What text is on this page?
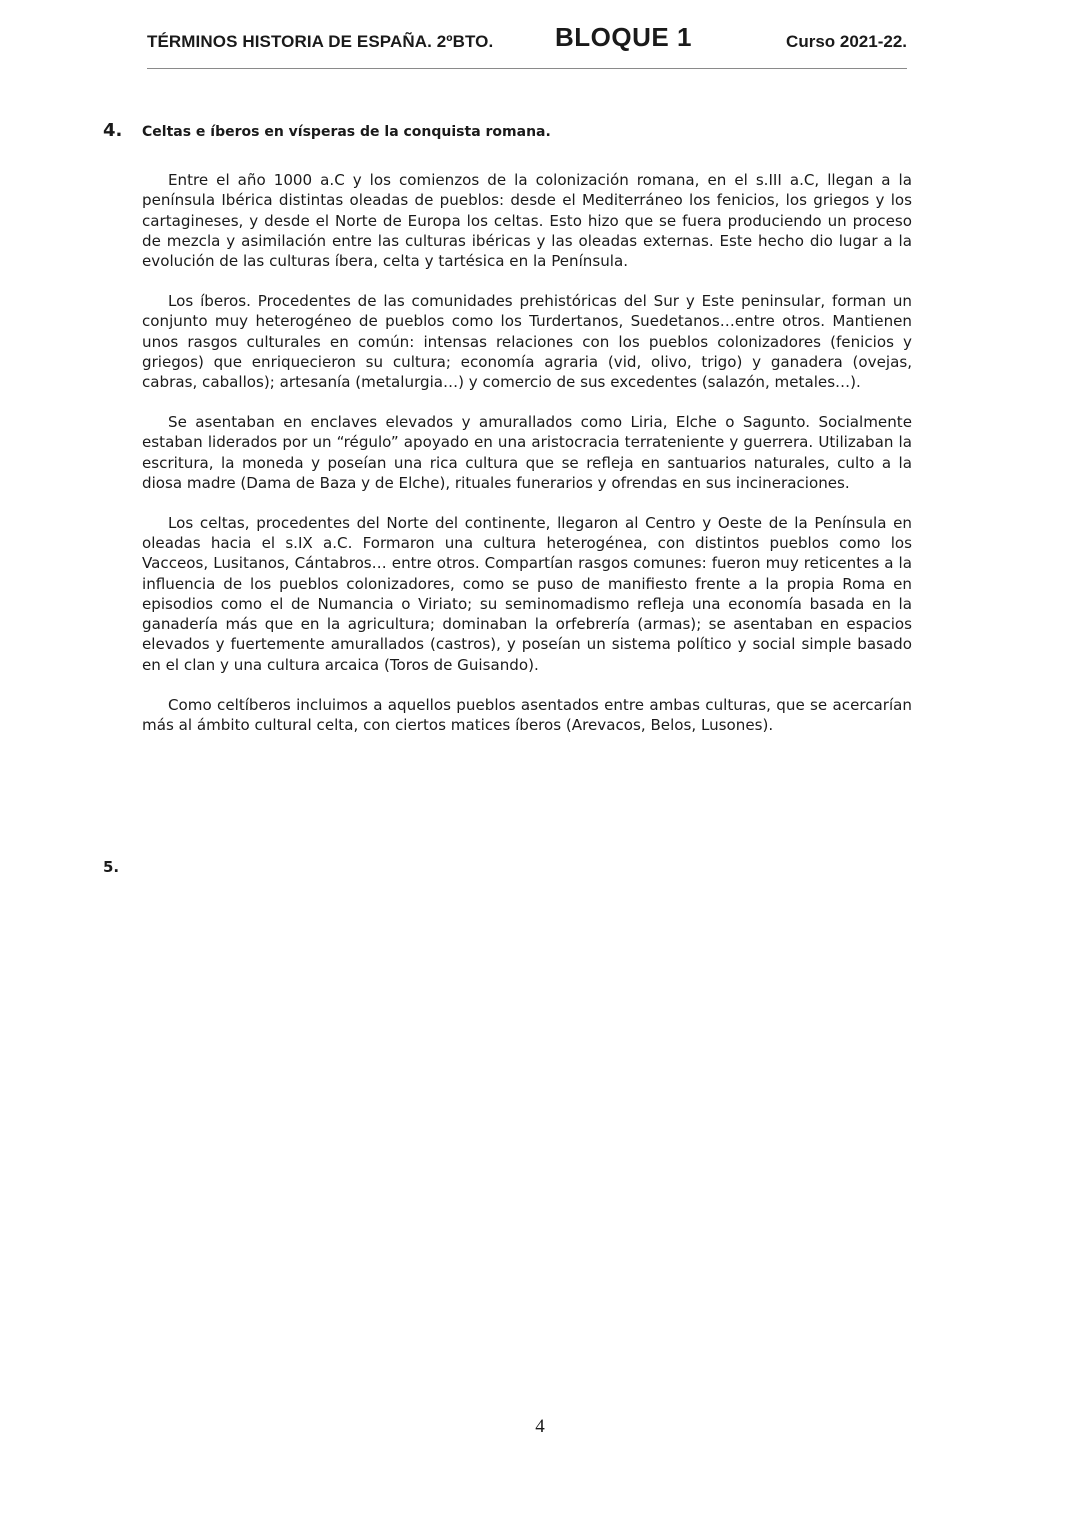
TÉRMINOS HISTORIA DE ESPAÑA. 2ºBTO. BLOQUE 1	Curso 2021-22.
4. Celtas e íberos en vísperas de la conquista romana.

Entre el año 1000 a.C y los comienzos de la colonización romana, en el s.III a.C, llegan a la península Ibérica distintas oleadas de pueblos: desde el Mediterráneo los fenicios, los griegos y los cartagineses, y desde el Norte de Europa los celtas. Esto hizo que se fuera produciendo un proceso de mezcla y asimilación entre las culturas ibéricas y las oleadas externas. Este hecho dio lugar a la evolución de las culturas íbera, celta y tartésica en la Península.

Los íberos. Procedentes de las comunidades prehistóricas del Sur y Este peninsular, forman un conjunto muy heterogéneo de pueblos como los Turdertanos, Suedetanos…entre otros. Mantienen unos rasgos culturales en común: intensas relaciones con los pueblos colonizadores (fenicios y griegos) que enriquecieron su cultura; economía agraria (vid, olivo, trigo) y ganadera (ovejas, cabras, caballos); artesanía (metalurgia…) y comercio de sus excedentes (salazón, metales…).

Se asentaban en enclaves elevados y amurallados como Liria, Elche o Sagunto. Socialmente estaban liderados por un “régulo” apoyado en una aristocracia terrateniente y guerrera. Utilizaban la escritura, la moneda y poseían una rica cultura que se refleja en santuarios naturales, culto a la diosa madre (Dama de Baza y de Elche), rituales funerarios y ofrendas en sus incineraciones.

Los celtas, procedentes del Norte del continente, llegaron al Centro y Oeste de la Península en oleadas hacia el s.IX a.C. Formaron una cultura heterogénea, con distintos pueblos como los Vacceos, Lusitanos, Cántabros… entre otros. Compartían rasgos comunes: fueron muy reticentes a la influencia de los pueblos colonizadores, como se puso de manifiesto frente a la propia Roma en episodios como el de Numancia o Viriato; su seminomadismo refleja una economía basada en la ganadería más que en la agricultura; dominaban la orfebrería (armas); se asentaban en espacios elevados y fuertemente amurallados (castros), y poseían un sistema político y social simple basado en el clan y una cultura arcaica (Toros de Guisando).

Como celtíberos incluimos a aquellos pueblos asentados entre ambas culturas, que se acercarían más al ámbito cultural celta, con ciertos matices íberos (Arevacos, Belos, Lusones).

5.
4
